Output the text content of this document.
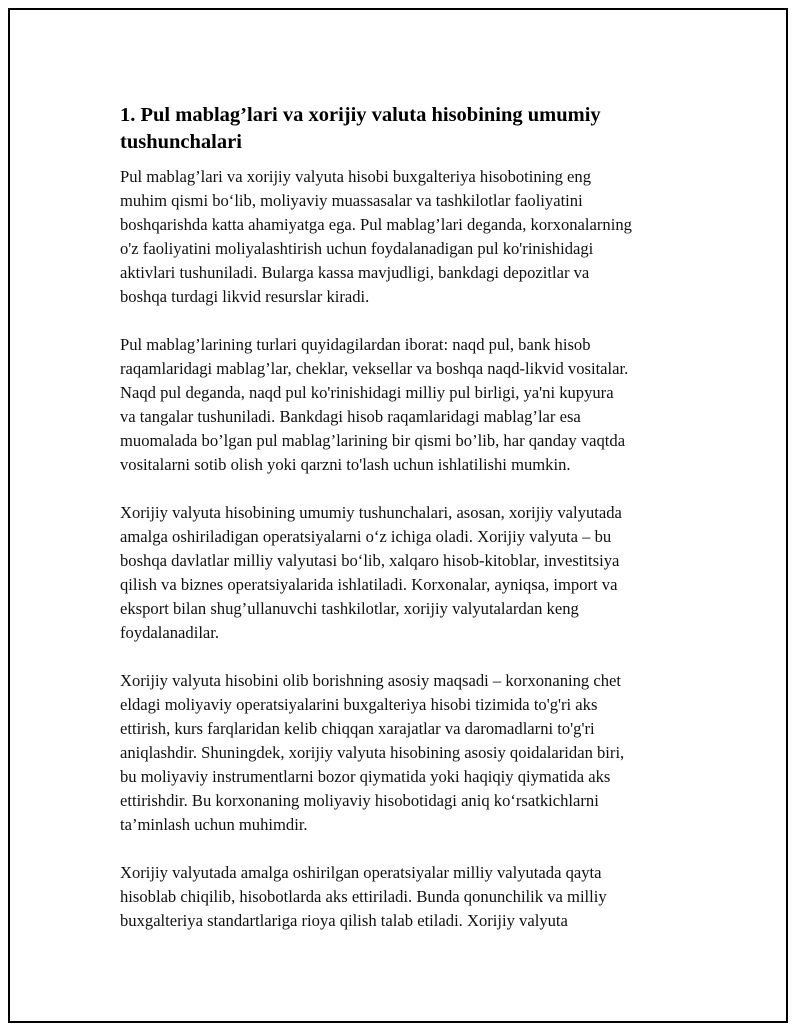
1. Pul mablag’lari va xorijiy valuta hisobining umumiy
tushunchalari

Pul mablag’lari va xorijiy valyuta hisobi buxgalteriya hisobotining eng
muhim qismi bo‘lib, moliyaviy muassasalar va tashkilotlar faoliyatini
boshqarishda katta ahamiyatga ega. Pul mablag’lari deganda, korxonalarning
o'z faoliyatini moliyalashtirish uchun foydalanadigan pul ko'rinishidagi
aktivlari tushuniladi. Bularga kassa mavjudligi, bankdagi depozitlar va
boshqa turdagi likvid resurslar kiradi.

Pul mablag’larining turlari quyidagilardan iborat: naqd pul, bank hisob
raqamlaridagi mablag’lar, cheklar, veksellar va boshqa naqd-likvid vositalar.
Naqd pul deganda, naqd pul ko'rinishidagi milliy pul birligi, ya'ni kupyura
va tangalar tushuniladi. Bankdagi hisob raqamlaridagi mablag’lar esa
muomalada bo’lgan pul mablag’larining bir qismi bo’lib, har qanday vaqtda
vositalarni sotib olish yoki qarzni to'lash uchun ishlatilishi mumkin.

Xorijiy valyuta hisobining umumiy tushunchalari, asosan, xorijiy valyutada
amalga oshiriladigan operatsiyalarni o‘z ichiga oladi. Xorijiy valyuta – bu
boshqa davlatlar milliy valyutasi bo‘lib, xalqaro hisob-kitoblar, investitsiya
qilish va biznes operatsiyalarida ishlatiladi. Korxonalar, ayniqsa, import va
eksport bilan shug’ullanuvchi tashkilotlar, xorijiy valyutalardan keng
foydalanadilar.

Xorijiy valyuta hisobini olib borishning asosiy maqsadi – korxonaning chet
eldagi moliyaviy operatsiyalarini buxgalteriya hisobi tizimida to'g'ri aks
ettirish, kurs farqlaridan kelib chiqqan xarajatlar va daromadlarni to'g'ri
aniqlashdir. Shuningdek, xorijiy valyuta hisobining asosiy qoidalaridan biri,
bu moliyaviy instrumentlarni bozor qiymatida yoki haqiqiy qiymatida aks
ettirishdir. Bu korxonaning moliyaviy hisobotidagi aniq ko‘rsatkichlarni
ta’minlash uchun muhimdir.

Xorijiy valyutada amalga oshirilgan operatsiyalar milliy valyutada qayta
hisoblab chiqilib, hisobotlarda aks ettiriladi. Bunda qonunchilik va milliy
buxgalteriya standartlariga rioya qilish talab etiladi. Xorijiy valyuta
